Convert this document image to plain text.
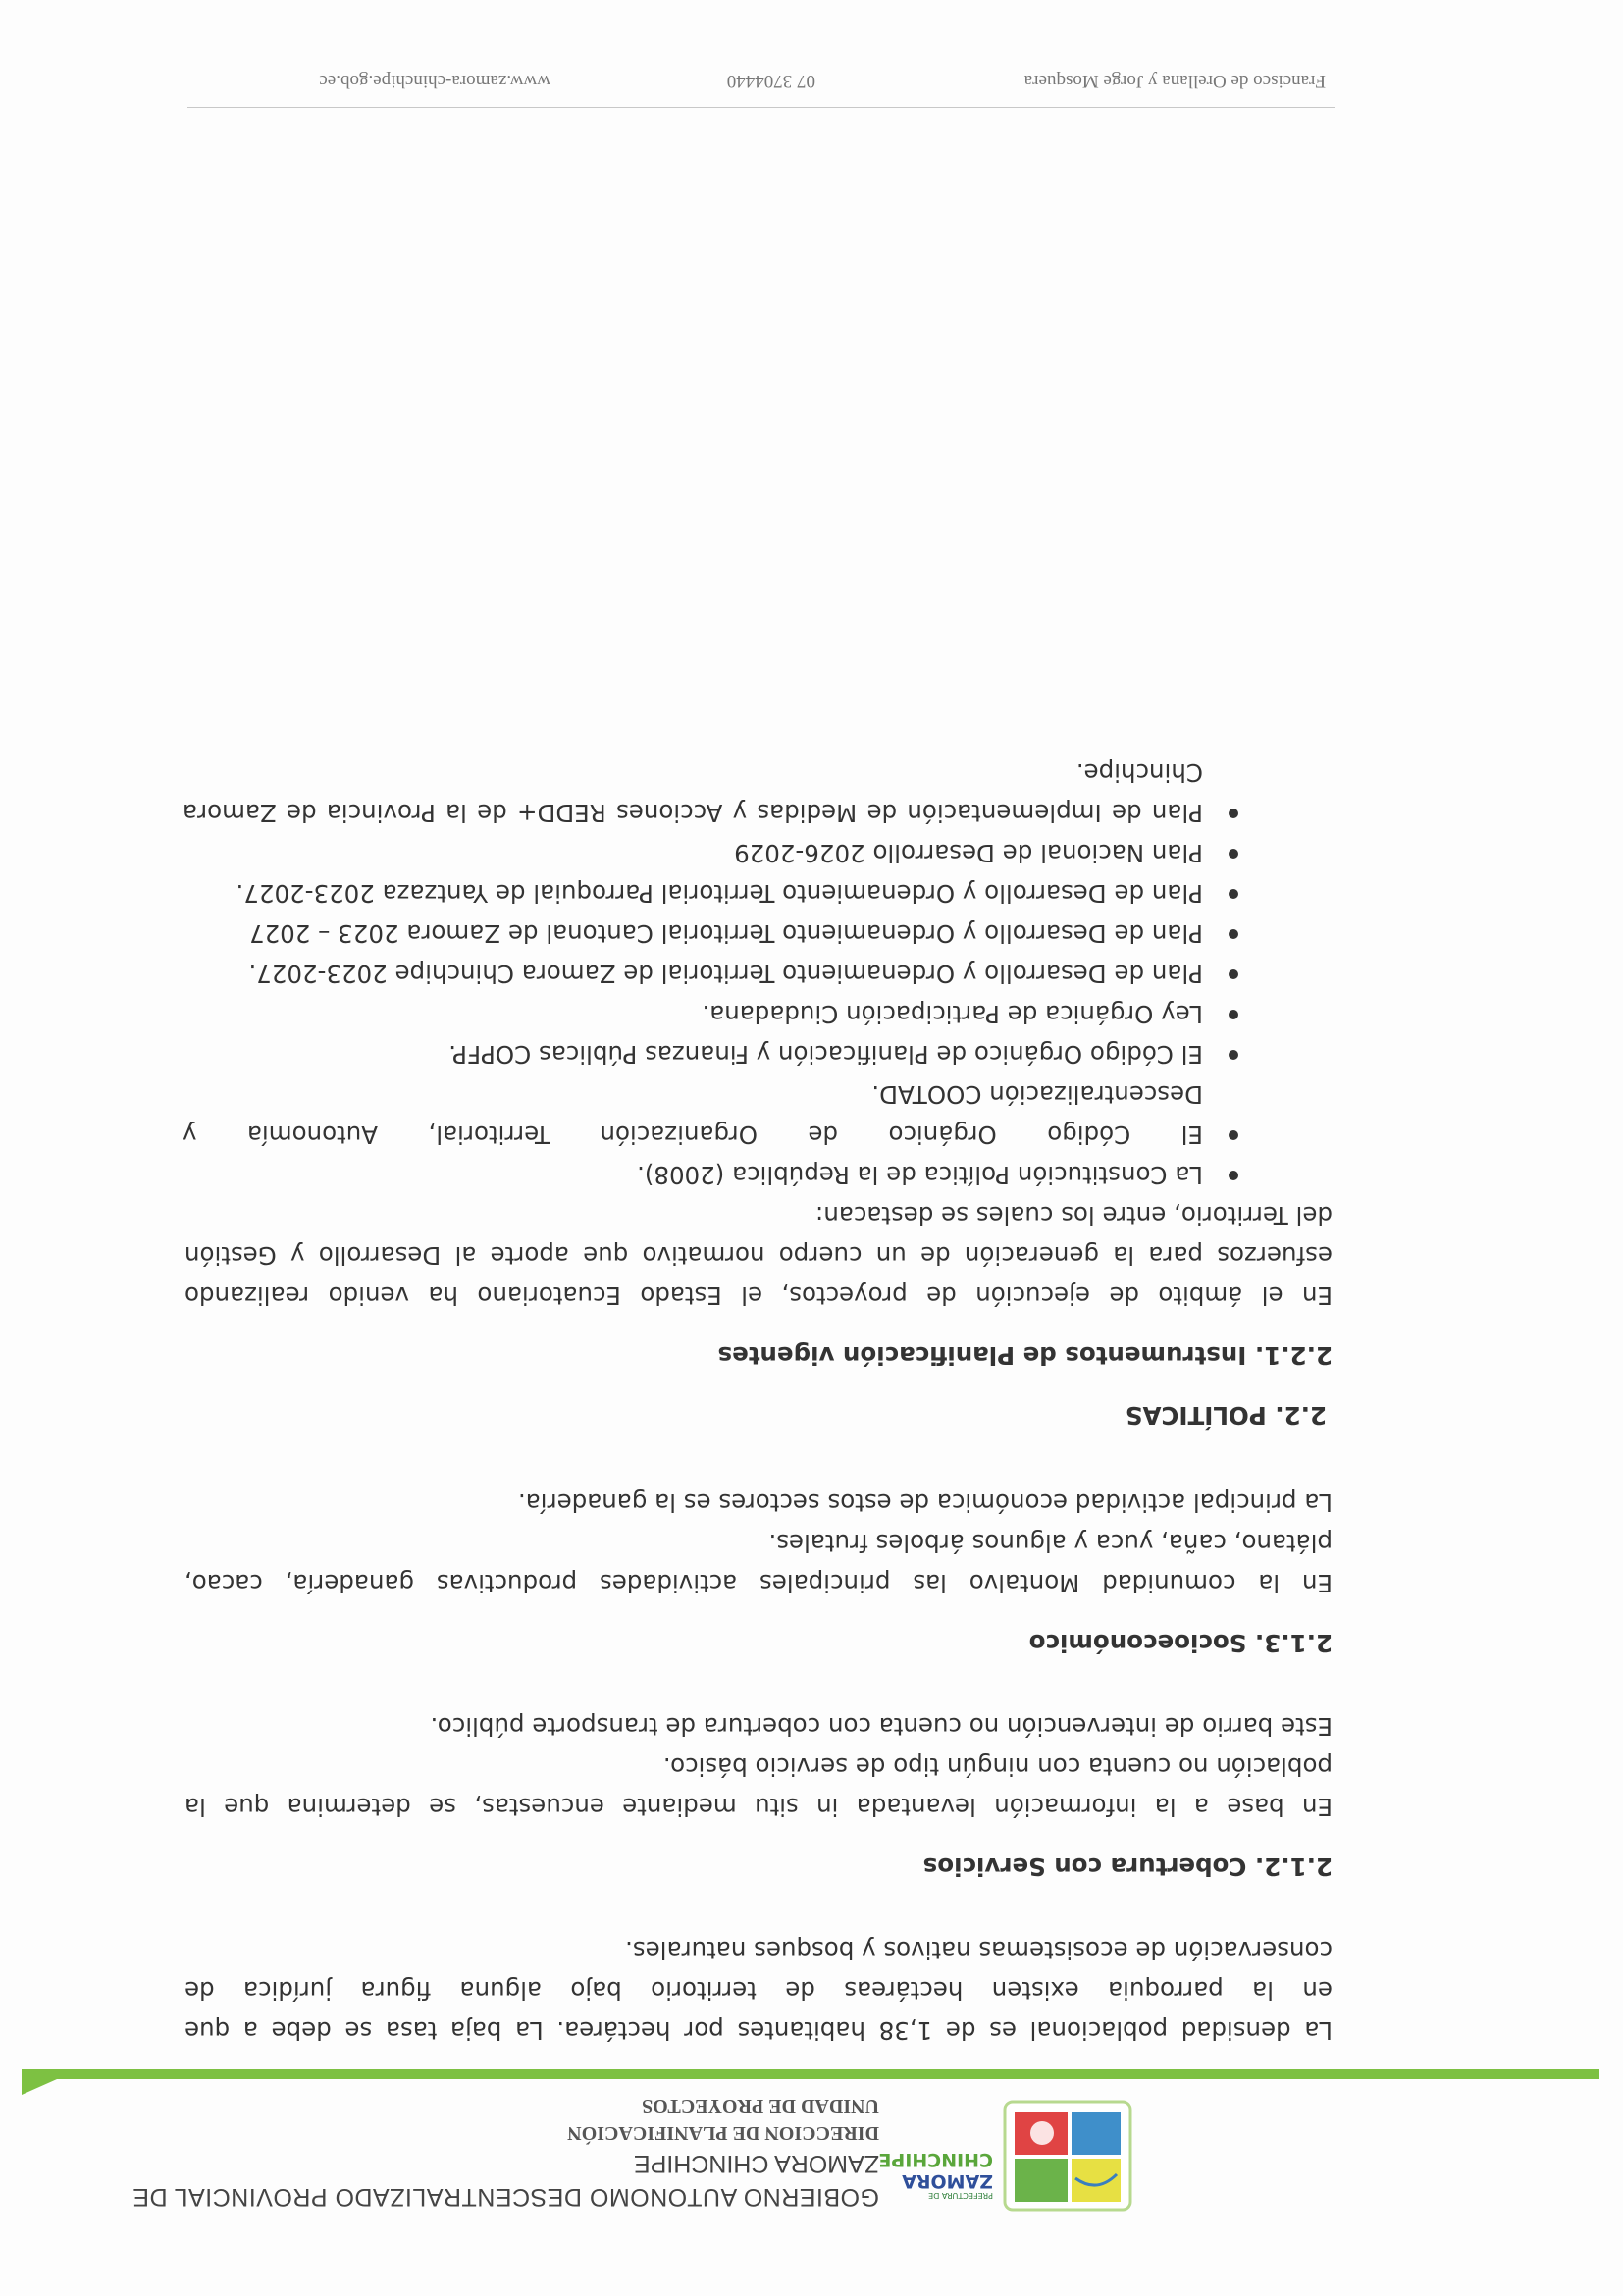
PREFECTURA DE
ZAMORA
CHINCHIPE
GOBIERNO AUTONOMO DESCENTRALIZADO PROVINCIAL DE
ZAMORA CHINCHIPE
DIRECCION DE PLANIFICACIÓN
UNIDAD DE PROYECTOS
La densidad poblacional es de 1,38 habitantes por hectárea. La baja tasa se debe a que
en la parroquia existen hectáreas de territorio bajo alguna figura jurídica de
conservación de ecosistemas nativos y bosques naturales.
2.1.2. Cobertura con Servicios
En base a la información levantada in situ mediante encuestas, se determina que la
población no cuenta con ningún tipo de servicio básico.
Este barrio de intervención no cuenta con cobertura de transporte público.
2.1.3. Socioeconómico
En la comunidad Montalvo las principales actividades productivas ganadería, cacao,
plátano, caña, yuca y algunos árboles frutales.
La principal actividad económica de estos sectores es la ganadería.
2.2. POLÍTICAS
2.2.1. Instrumentos de Planificación vigentes
En el ámbito de ejecución de proyectos, el Estado Ecuatoriano ha venido realizando
esfuerzos para la generación de un cuerpo normativo que aporte al Desarrollo y Gestión
del Territorio, entre los cuales se destacan:
La Constitución Política de la República (2008).
El Código Orgánico de Organización Territorial, Autonomía y
Descentralización COOTAD.
El Código Orgánico de Planificación y Finanzas Públicas COPFP.
Ley Orgánica de Participación Ciudadana.
Plan de Desarrollo y Ordenamiento Territorial de Zamora Chinchipe 2023-2027.
Plan de Desarrollo y Ordenamiento Territorial Cantonal de Zamora 2023 – 2027
Plan de Desarrollo y Ordenamiento Territorial Parroquial de Yantzaza 2023-2027.
Plan Nacional de Desarrollo 2026-2029
Plan de Implementación de Medidas y Acciones REDD+ de la Provincia de Zamora
Chinchipe.
Francisco de Orellana y Jorge Mosquera
07 3704440
www.zamora-chinchipe.gob.ec
